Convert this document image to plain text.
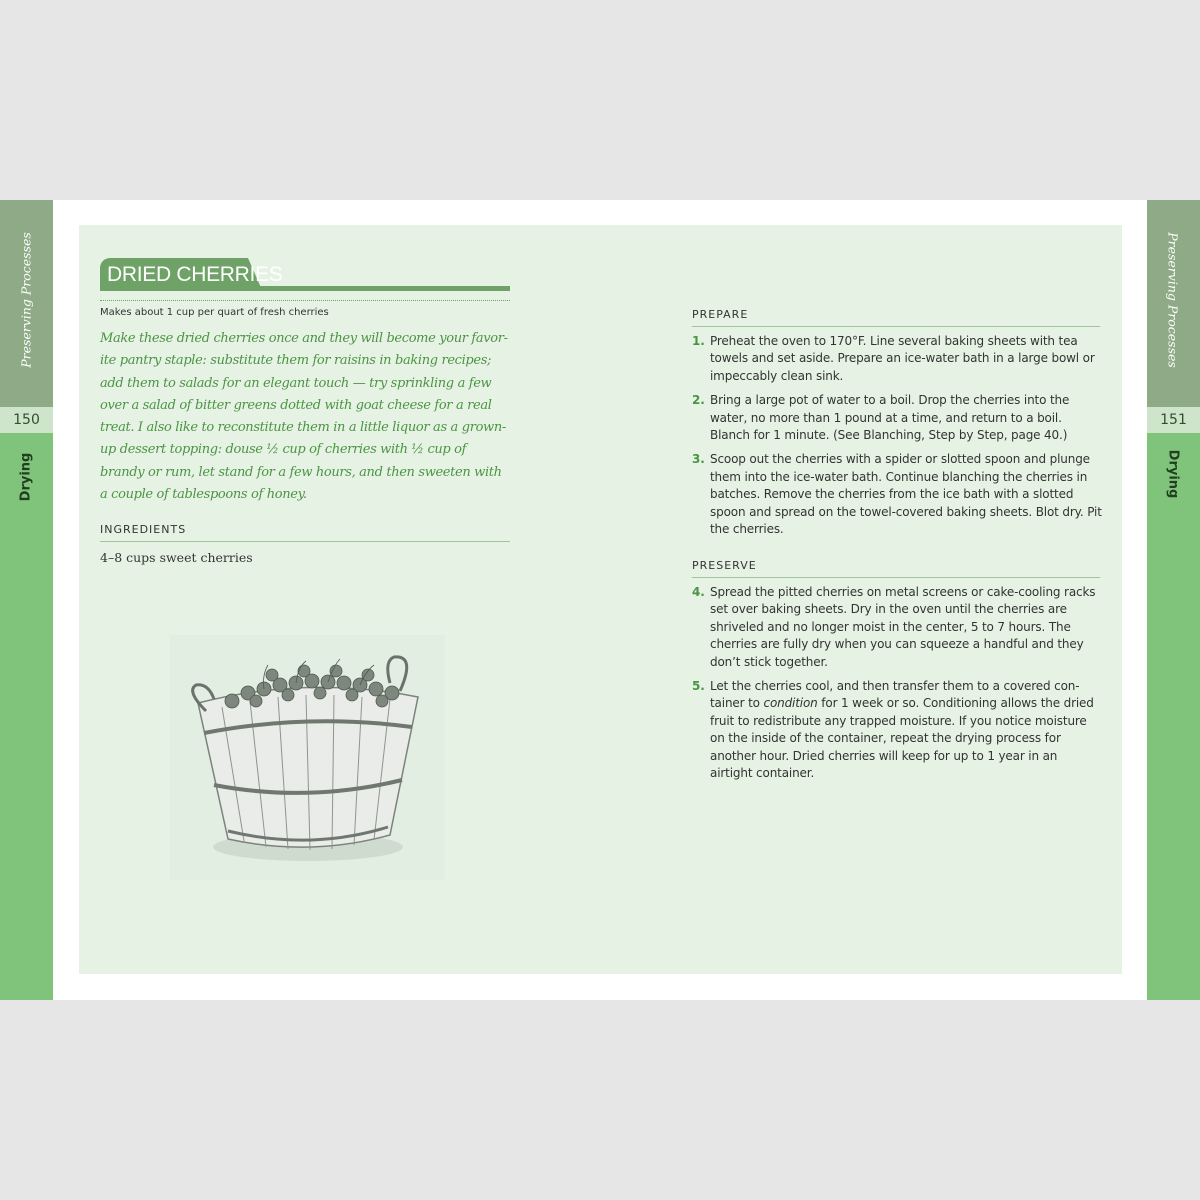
Preserving Processes
150
Drying
Preserving Processes
151
Drying
DRIED CHERRIES
Makes about 1 cup per quart of fresh cherries

Make these dried cherries once and they will become your favorite pantry staple: substitute them for raisins in baking recipes; add them to salads for an elegant touch — try sprinkling a few over a salad of bitter greens dotted with goat cheese for a real treat. I also like to reconstitute them in a little liquor as a grown-up dessert topping: douse ½ cup of cherries with ½ cup of brandy or rum, let stand for a few hours, and then sweeten with a couple of tablespoons of honey.

INGREDIENTS
4–8 cups sweet cherries
PREPARE
1. Preheat the oven to 170°F. Line several baking sheets with tea towels and set aside. Prepare an ice-water bath in a large bowl or impeccably clean sink.
2. Bring a large pot of water to a boil. Drop the cherries into the water, no more than 1 pound at a time, and return to a boil. Blanch for 1 minute. (See Blanching, Step by Step, page 40.)
3. Scoop out the cherries with a spider or slotted spoon and plunge them into the ice-water bath. Continue blanching the cherries in batches. Remove the cherries from the ice bath with a slotted spoon and spread on the towel-covered baking sheets. Blot dry. Pit the cherries.
PRESERVE
4. Spread the pitted cherries on metal screens or cake-cooling racks set over baking sheets. Dry in the oven until the cherries are shriveled and no longer moist in the center, 5 to 7 hours. The cherries are fully dry when you can squeeze a handful and they don’t stick together.
5. Let the cherries cool, and then transfer them to a covered container to condition for 1 week or so. Conditioning allows the dried fruit to redistribute any trapped moisture. If you notice moisture on the inside of the container, repeat the drying process for another hour. Dried cherries will keep for up to 1 year in an airtight container.
